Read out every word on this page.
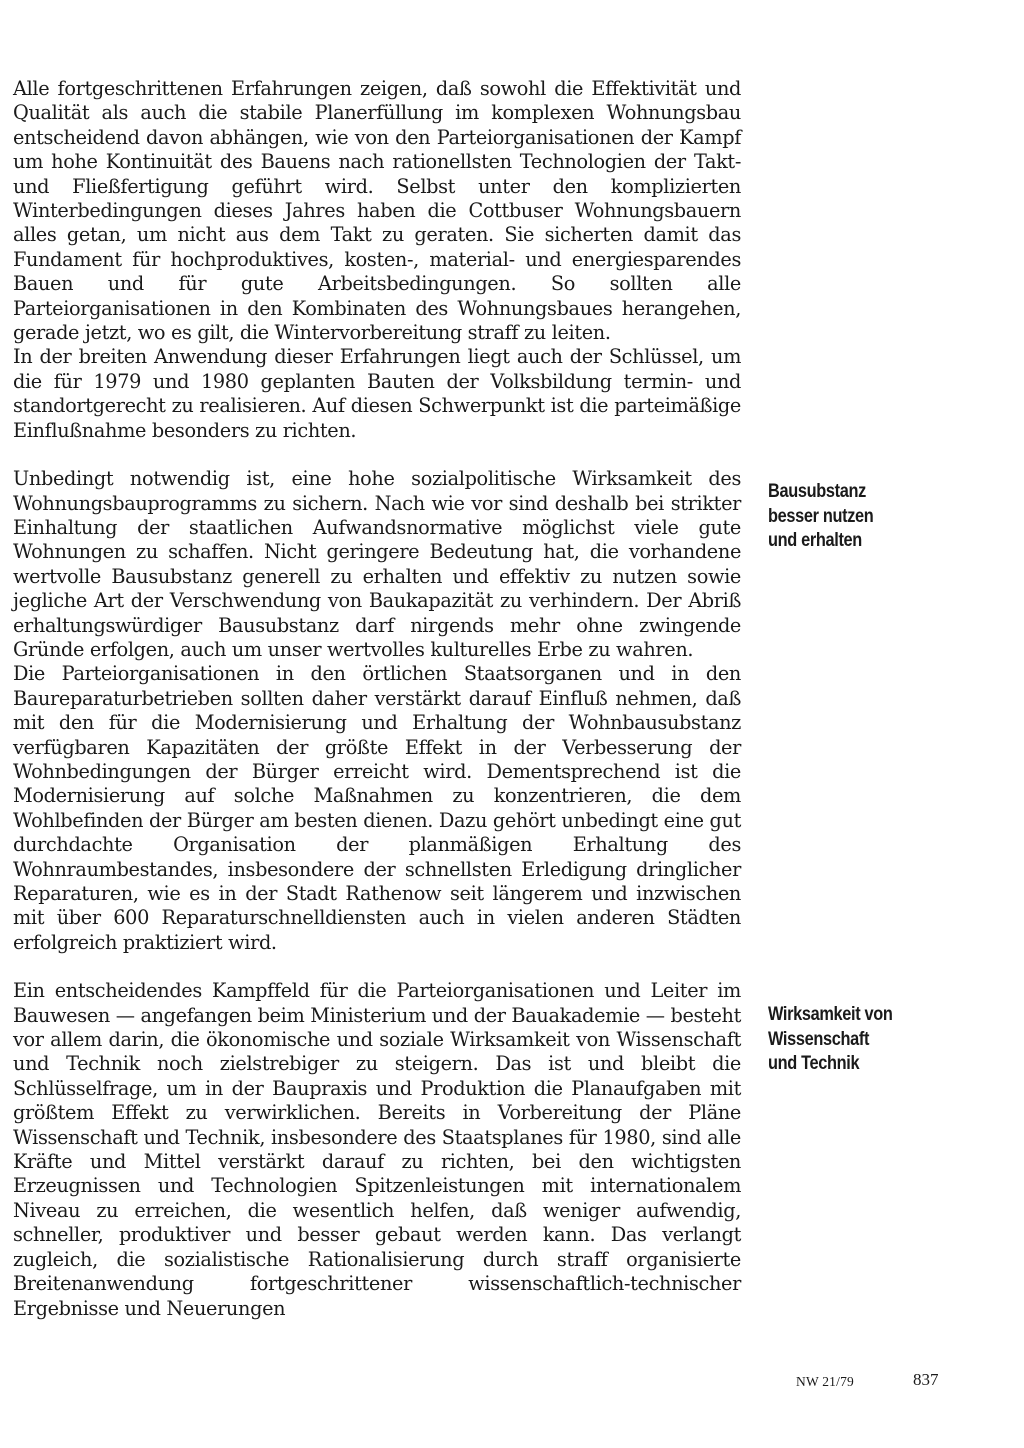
Alle fortgeschrittenen Erfahrungen zeigen, daß sowohl die Effektivität und Qualität als auch die stabile Planerfüllung im komplexen Wohnungsbau entscheidend davon abhängen, wie von den Parteiorganisationen der Kampf um hohe Kontinuität des Bauens nach rationellsten Technologien der Takt- und Fließfertigung geführt wird. Selbst unter den komplizierten Winterbedingungen dieses Jahres haben die Cottbuser Wohnungsbauern alles getan, um nicht aus dem Takt zu geraten. Sie sicherten damit das Fundament für hochproduktives, kosten-, material- und energiesparendes Bauen und für gute Arbeitsbedingungen. So sollten alle Parteiorganisationen in den Kombinaten des Wohnungsbaues herangehen, gerade jetzt, wo es gilt, die Wintervorbereitung straff zu leiten.

In der breiten Anwendung dieser Erfahrungen liegt auch der Schlüssel, um die für 1979 und 1980 geplanten Bauten der Volksbildung termin- und standortgerecht zu realisieren. Auf diesen Schwerpunkt ist die parteimäßige Einflußnahme besonders zu richten.

Unbedingt notwendig ist, eine hohe sozialpolitische Wirksamkeit des Wohnungsbauprogramms zu sichern. Nach wie vor sind deshalb bei strikter Einhaltung der staatlichen Aufwandsnormative möglichst viele gute Wohnungen zu schaffen. Nicht geringere Bedeutung hat, die vorhandene wertvolle Bausubstanz generell zu erhalten und effektiv zu nutzen sowie jegliche Art der Verschwendung von Baukapazität zu verhindern. Der Abriß erhaltungswürdiger Bausubstanz darf nirgends mehr ohne zwingende Gründe erfolgen, auch um unser wertvolles kulturelles Erbe zu wahren.

Die Parteiorganisationen in den örtlichen Staatsorganen und in den Baureparaturbetrieben sollten daher verstärkt darauf Einfluß nehmen, daß mit den für die Modernisierung und Erhaltung der Wohnbausubstanz verfügbaren Kapazitäten der größte Effekt in der Verbesserung der Wohnbedingungen der Bürger erreicht wird. Dementsprechend ist die Modernisierung auf solche Maßnahmen zu konzentrieren, die dem Wohlbefinden der Bürger am besten dienen. Dazu gehört unbedingt eine gut durchdachte Organisation der planmäßigen Erhaltung des Wohnraumbestandes, insbesondere der schnellsten Erledigung dringlicher Reparaturen, wie es in der Stadt Rathenow seit längerem und inzwischen mit über 600 Reparaturschnelldiensten auch in vielen anderen Städten erfolgreich praktiziert wird.

Ein entscheidendes Kampffeld für die Parteiorganisationen und Leiter im Bauwesen — angefangen beim Ministerium und der Bauakademie — besteht vor allem darin, die ökonomische und soziale Wirksamkeit von Wissenschaft und Technik noch zielstrebiger zu steigern. Das ist und bleibt die Schlüsselfrage, um in der Baupraxis und Produktion die Planaufgaben mit größtem Effekt zu verwirklichen. Bereits in Vorbereitung der Pläne Wissenschaft und Technik, insbesondere des Staatsplanes für 1980, sind alle Kräfte und Mittel verstärkt darauf zu richten, bei den wichtigsten Erzeugnissen und Technologien Spitzenleistungen mit internationalem Niveau zu erreichen, die wesentlich helfen, daß weniger aufwendig, schneller, produktiver und besser gebaut werden kann. Das verlangt zugleich, die sozialistische Rationalisierung durch straff organisierte Breitenanwendung fortgeschrittener wissenschaftlich-technischer Ergebnisse und Neuerungen

Bausubstanz
besser nutzen
und erhalten
Wirksamkeit von
Wissenschaft
und Technik
NW 21/79	837
